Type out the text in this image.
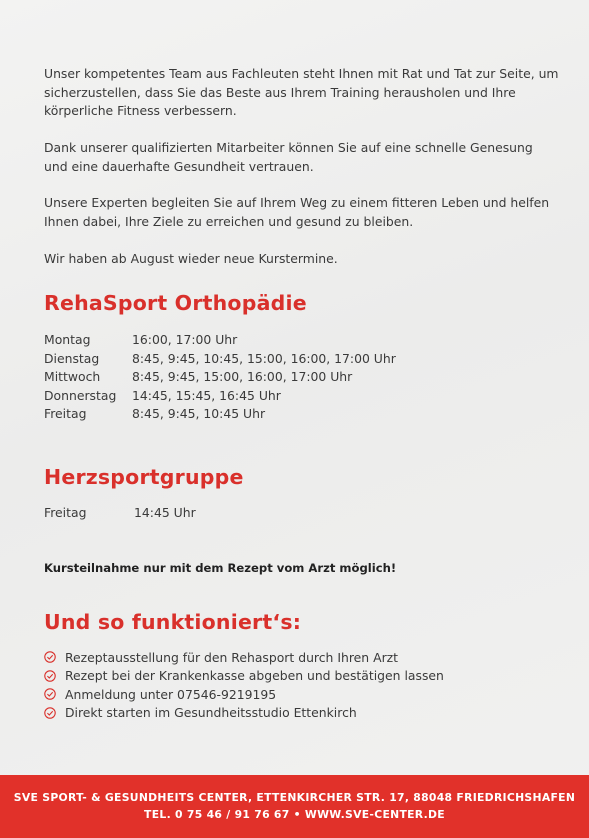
Unser kompetentes Team aus Fachleuten steht Ihnen mit Rat und Tat zur Seite, um sicherzustellen, dass Sie das Beste aus Ihrem Training herausholen und Ihre körperliche Fitness verbessern.

Dank unserer qualifizierten Mitarbeiter können Sie auf eine schnelle Genesung und eine dauerhafte Gesundheit vertrauen.

Unsere Experten begleiten Sie auf Ihrem Weg zu einem fitteren Leben und helfen Ihnen dabei, Ihre Ziele zu erreichen und gesund zu bleiben.

Wir haben ab August wieder neue Kurstermine.

RehaSport Orthopädie
Montag	16:00, 17:00 Uhr
Dienstag	8:45, 9:45, 10:45, 15:00, 16:00, 17:00 Uhr
Mittwoch	8:45, 9:45, 15:00, 16:00, 17:00 Uhr
Donnerstag	14:45, 15:45, 16:45 Uhr
Freitag	8:45, 9:45, 10:45 Uhr
Herzsportgruppe
Freitag	14:45 Uhr
Kursteilnahme nur mit dem Rezept vom Arzt möglich!
Und so funktioniert‘s:
Rezeptausstellung für den Rehasport durch Ihren Arzt
Rezept bei der Krankenkasse abgeben und bestätigen lassen
Anmeldung unter 07546-9219195
Direkt starten im Gesundheitsstudio Ettenkirch
SVE SPORT- & GESUNDHEITS CENTER, ETTENKIRCHER STR. 17, 88048 FRIEDRICHSHAFEN
TEL. 0 75 46 / 91 76 67 • WWW.SVE-CENTER.DE
